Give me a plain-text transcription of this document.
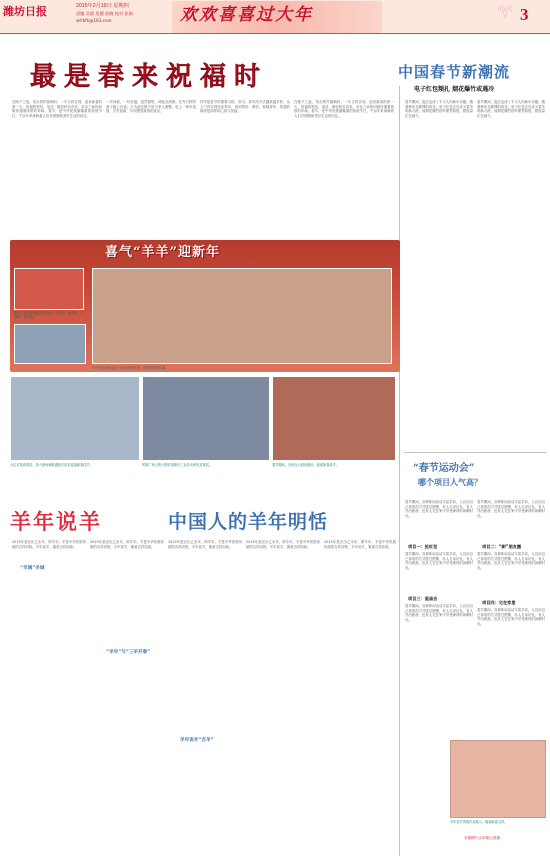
潍坊日报	2015年2月19日 星期四
责编 吴斌 见健 彭晓 校对 张娟
wfrbfk@163.com	欢欢喜喜过大年	♈ 3
最是春来祝福时
在除夕之夜，零点钟声敲响时，一年又将告别，迎来新春的第一天。祝福的短信、电话、微信纷至沓来，亲友之间的问候传递着浓浓的年味。春节，是中华民族最隆重的传统节日，千百年来承载着人们对团圆和美好生活的向往。
一声问候，一句祝福，虽然简短，却饱含深情。在外打拼的游子踏上归途，只为赶在除夕前与家人团聚，吃上一顿年夜饭，守岁迎新，共同感受新春的喜庆。
拜年是春节的重要习俗。如今，拜年的方式越来越多样，从上门拜年到电话拜年，再到短信、微信、视频拜年，传递的始终是同样的心意与祝福。
在除夕之夜，零点钟声敲响时，一年又将告别，迎来新春的第一天。祝福的短信、电话、微信纷至沓来，亲友之间的问候传递着浓浓的年味。春节，是中华民族最隆重的传统节日，千百年来承载着人们对团圆和美好生活的向往。
中国春节新潮流
电子红包频扎 烟花爆竹或遇冷
春节期间，抢红包成了不少人的新年乐趣。随着移动互联网的普及，电子红包正在成为春节的新习俗，而烟花爆竹因环保等原因，燃放量正在减少。
春节期间，抢红包成了不少人的新年乐趣。随着移动互联网的普及，电子红包正在成为春节的新习俗，而烟花爆竹因环保等原因，燃放量正在减少。
喜气“羊羊”迎新年
我市各街道开展迎新春活动，居民们一起剪纸、写春联、挂灯笼。
孩子们在新年庙会上体验传统民俗，感受浓浓的年味。
大红灯笼高高挂，各大商场和街道张灯结彩迎接新春佳节。	风筝广场上的大型灯组吸引了众多市民驻足观赏。	春节期间，市民在公园里游玩，欢度新春佳节。	“春节运动会”
哪个项目人气高？
春节期间，各种休闲活动丰富多彩，人们用自己喜欢的方式度过假期，有人走亲访友，有人外出旅游，也有人宅在家中享受难得的闲暇时光。
项目一：抢红包
春节期间，各种休闲活动丰富多彩，人们用自己喜欢的方式度过假期，有人走亲访友，有人外出旅游，也有人宅在家中享受难得的闲暇时光。
项目三：逛庙会
春节期间，各种休闲活动丰富多彩，人们用自己喜欢的方式度过假期，有人走亲访友，有人外出旅游，也有人宅在家中享受难得的闲暇时光。
春节期间，各种休闲活动丰富多彩，人们用自己喜欢的方式度过假期，有人走亲访友，有人外出旅游，也有人宅在家中享受难得的闲暇时光。
项目二：“刷”朋友圈
春节期间，各种休闲活动丰富多彩，人们用自己喜欢的方式度过假期，有人走亲访友，有人外出旅游，也有人宅在家中享受难得的闲暇时光。
项目四：宅在家里
春节期间，各种休闲活动丰富多彩，人们用自己喜欢的方式度过假期，有人走亲访友，有人外出旅游，也有人宅在家中享受难得的闲暇时光。
羊年说羊	中国人的羊年明恬
2015年是农历乙未年，即羊年。羊是中华民族传统的吉祥动物，羊年说羊，寓意吉祥如意。
“羊城”羊城
2015年是农历乙未年，即羊年。羊是中华民族传统的吉祥动物，羊年说羊，寓意吉祥如意。
“羊年”与“三羊开泰”
2015年是农历乙未年，即羊年。羊是中华民族传统的吉祥动物，羊年说羊，寓意吉祥如意。
羊年说羊“吉羊”
2015年是农历乙未年，即羊年。羊是中华民族传统的吉祥动物，羊年说羊，寓意吉祥如意。
2015年是农历乙未年，即羊年。羊是中华民族传统的吉祥动物，羊年说羊，寓意吉祥如意。
羊年贺岁剪纸作品展示，寓意新春吉祥。
本版图片由本报记者摄
